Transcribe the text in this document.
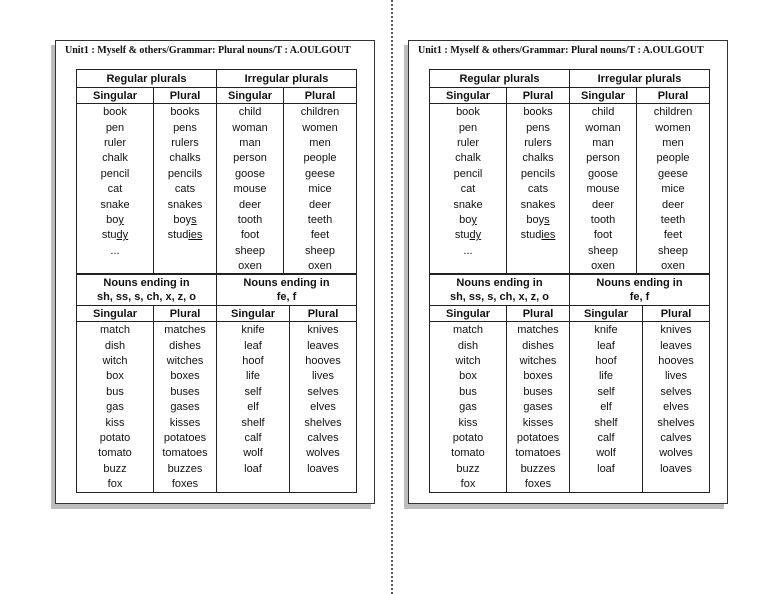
Unit1 : Myself & others/Grammar: Plural nouns/T : A.OULGOUT
Regular plurals		Irregular plurals	
Singular	Plural	Singular	Plural
book	books	child	children
pen	pens	woman	women
ruler	rulers	man	men
chalk	chalks	person	people
pencil	pencils	goose	geese
cat	cats	mouse	mice
snake	snakes	deer	deer
boy	boys	tooth	teeth
study	studies	foot	feet
...		sheep	sheep
		oxen	oxen
Nouns ending in
sh, ss, s, ch, x, z, o		Nouns ending in
fe, f	
Singular	Plural	Singular	Plural
match	matches	knife	knives
dish	dishes	leaf	leaves
witch	witches	hoof	hooves
box	boxes	life	lives
bus	buses	self	selves
gas	gases	elf	elves
kiss	kisses	shelf	shelves
potato	potatoes	calf	calves
tomato	tomatoes	wolf	wolves
buzz	buzzes	loaf	loaves
fox	foxes		
Unit1 : Myself & others/Grammar: Plural nouns/T : A.OULGOUT
Regular plurals		Irregular plurals	
Singular	Plural	Singular	Plural
book	books	child	children
pen	pens	woman	women
ruler	rulers	man	men
chalk	chalks	person	people
pencil	pencils	goose	geese
cat	cats	mouse	mice
snake	snakes	deer	deer
boy	boys	tooth	teeth
study	studies	foot	feet
...		sheep	sheep
		oxen	oxen
Nouns ending in
sh, ss, s, ch, x, z, o		Nouns ending in
fe, f	
Singular	Plural	Singular	Plural
match	matches	knife	knives
dish	dishes	leaf	leaves
witch	witches	hoof	hooves
box	boxes	life	lives
bus	buses	self	selves
gas	gases	elf	elves
kiss	kisses	shelf	shelves
potato	potatoes	calf	calves
tomato	tomatoes	wolf	wolves
buzz	buzzes	loaf	loaves
fox	foxes		
